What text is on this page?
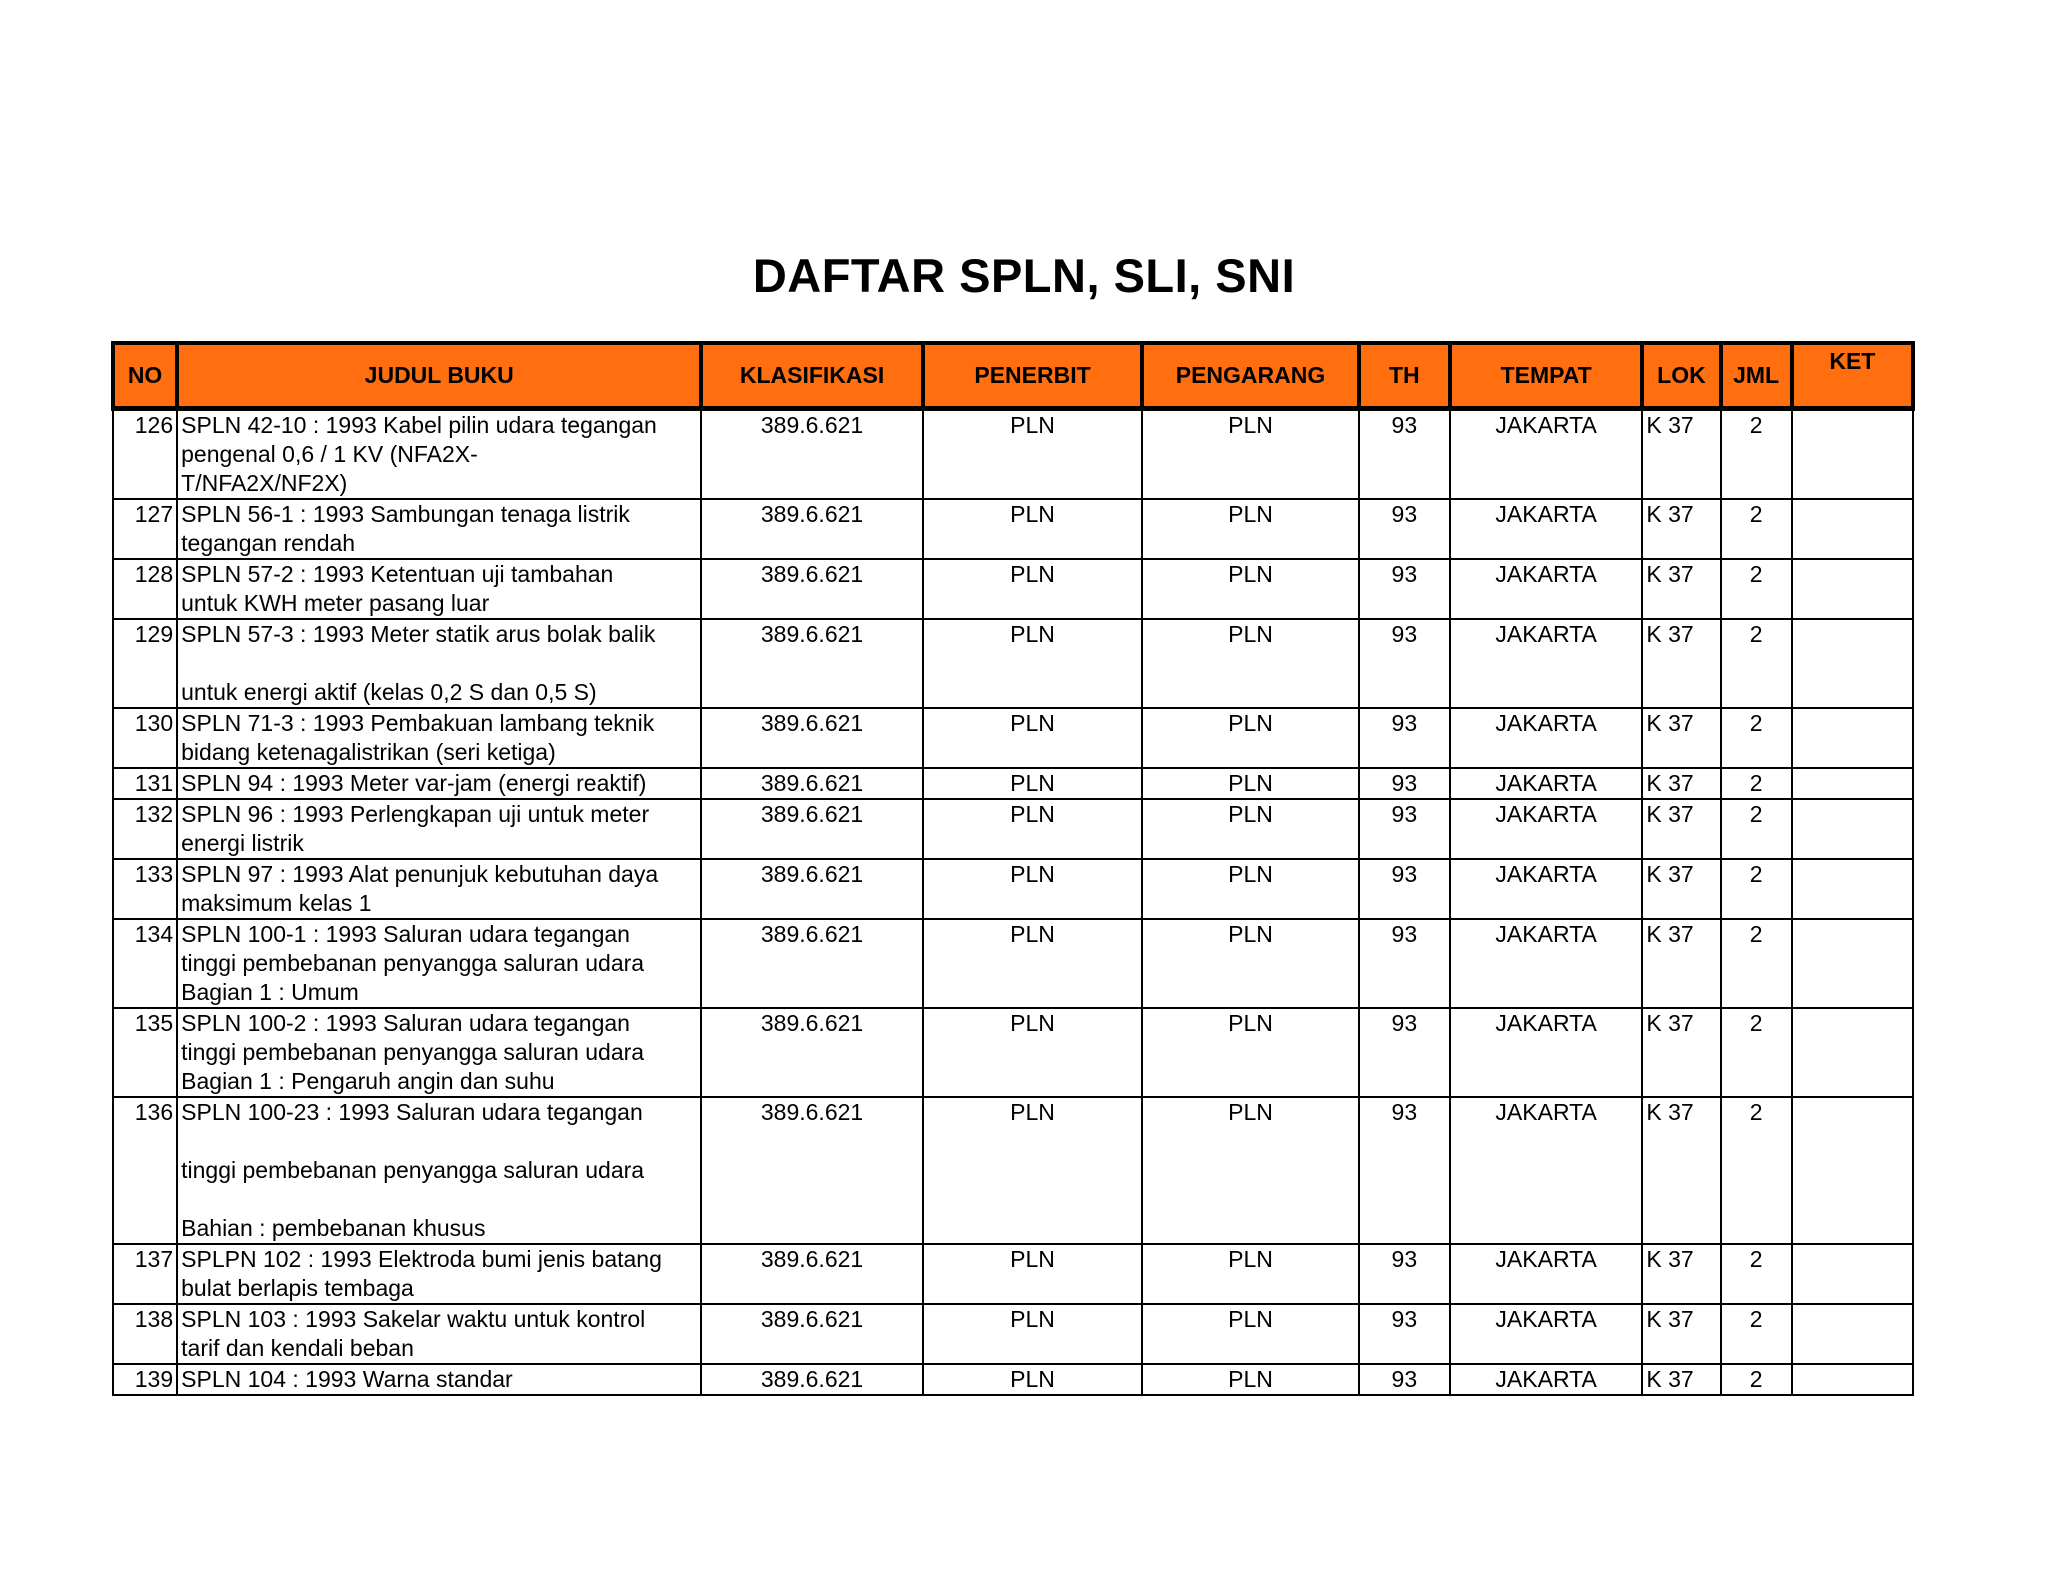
DAFTAR SPLN, SLI, SNI
NO	JUDUL BUKU	KLASIFIKASI	PENERBIT	PENGARANG	TH	TEMPAT	LOK	JML	KET
126	SPLN 42-10 : 1993 Kabel pilin udara tegangan
pengenal 0,6 / 1 KV (NFA2X-
T/NFA2X/NF2X)	389.6.621	PLN	PLN	93	JAKARTA	K 37	2	
127	SPLN 56-1 : 1993 Sambungan tenaga listrik
tegangan rendah	389.6.621	PLN	PLN	93	JAKARTA	K 37	2	
128	SPLN 57-2 : 1993 Ketentuan uji tambahan
untuk KWH meter pasang luar	389.6.621	PLN	PLN	93	JAKARTA	K 37	2	
129	SPLN 57-3 : 1993 Meter statik arus bolak balik

untuk energi aktif (kelas 0,2 S dan 0,5 S)	389.6.621	PLN	PLN	93	JAKARTA	K 37	2	
130	SPLN 71-3 : 1993 Pembakuan lambang teknik
bidang ketenagalistrikan (seri ketiga)	389.6.621	PLN	PLN	93	JAKARTA	K 37	2	
131	SPLN 94 : 1993 Meter var-jam (energi reaktif)	389.6.621	PLN	PLN	93	JAKARTA	K 37	2	
132	SPLN 96 : 1993 Perlengkapan uji untuk meter
energi listrik	389.6.621	PLN	PLN	93	JAKARTA	K 37	2	
133	SPLN 97 : 1993 Alat penunjuk kebutuhan daya
maksimum kelas 1	389.6.621	PLN	PLN	93	JAKARTA	K 37	2	
134	SPLN 100-1 : 1993 Saluran udara tegangan
tinggi pembebanan penyangga saluran udara
Bagian 1 : Umum	389.6.621	PLN	PLN	93	JAKARTA	K 37	2	
135	SPLN 100-2 : 1993 Saluran udara tegangan
tinggi pembebanan penyangga saluran udara
Bagian 1 : Pengaruh angin dan suhu	389.6.621	PLN	PLN	93	JAKARTA	K 37	2	
136	SPLN 100-23 : 1993 Saluran udara tegangan

tinggi pembebanan penyangga saluran udara

Bahian : pembebanan khusus	389.6.621	PLN	PLN	93	JAKARTA	K 37	2	
137	SPLPN 102 : 1993 Elektroda bumi jenis batang
bulat berlapis tembaga	389.6.621	PLN	PLN	93	JAKARTA	K 37	2	
138	SPLN 103 : 1993 Sakelar waktu untuk kontrol
tarif dan kendali beban	389.6.621	PLN	PLN	93	JAKARTA	K 37	2	
139	SPLN 104 : 1993 Warna standar	389.6.621	PLN	PLN	93	JAKARTA	K 37	2	
